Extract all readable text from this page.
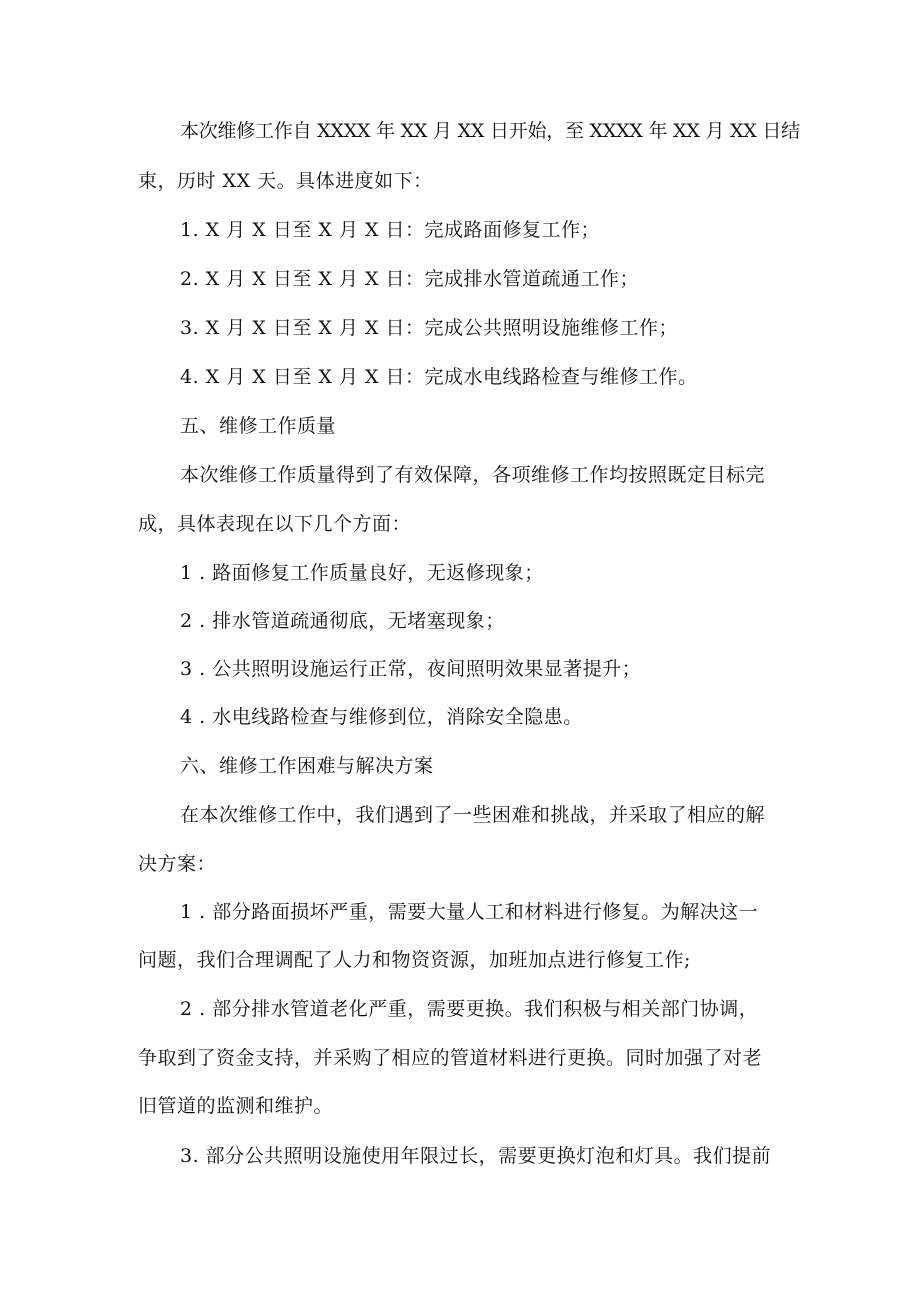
本次维修工作自 XXXX 年 XX 月 XX 日开始，至 XXXX 年 XX 月 XX 日结
束，历时 XX 天。具体进度如下：
1. X 月 X 日至 X 月 X 日：完成路面修复工作；
2. X 月 X 日至 X 月 X 日：完成排水管道疏通工作；
3. X 月 X 日至 X 月 X 日：完成公共照明设施维修工作；
4. X 月 X 日至 X 月 X 日：完成水电线路检查与维修工作。
五、维修工作质量
本次维修工作质量得到了有效保障，各项维修工作均按照既定目标完
成，具体表现在以下几个方面：
1 . 路面修复工作质量良好，无返修现象；
2 . 排水管道疏通彻底，无堵塞现象；
3 . 公共照明设施运行正常，夜间照明效果显著提升；
4 . 水电线路检查与维修到位，消除安全隐患。
六、维修工作困难与解决方案
在本次维修工作中，我们遇到了一些困难和挑战，并采取了相应的解
决方案：
1 . 部分路面损坏严重，需要大量人工和材料进行修复。为解决这一
问题，我们合理调配了人力和物资资源，加班加点进行修复工作;
2 . 部分排水管道老化严重，需要更换。我们积极与相关部门协调，
争取到了资金支持，并采购了相应的管道材料进行更换。同时加强了对老
旧管道的监测和维护。
3. 部分公共照明设施使用年限过长，需要更换灯泡和灯具。我们提前
